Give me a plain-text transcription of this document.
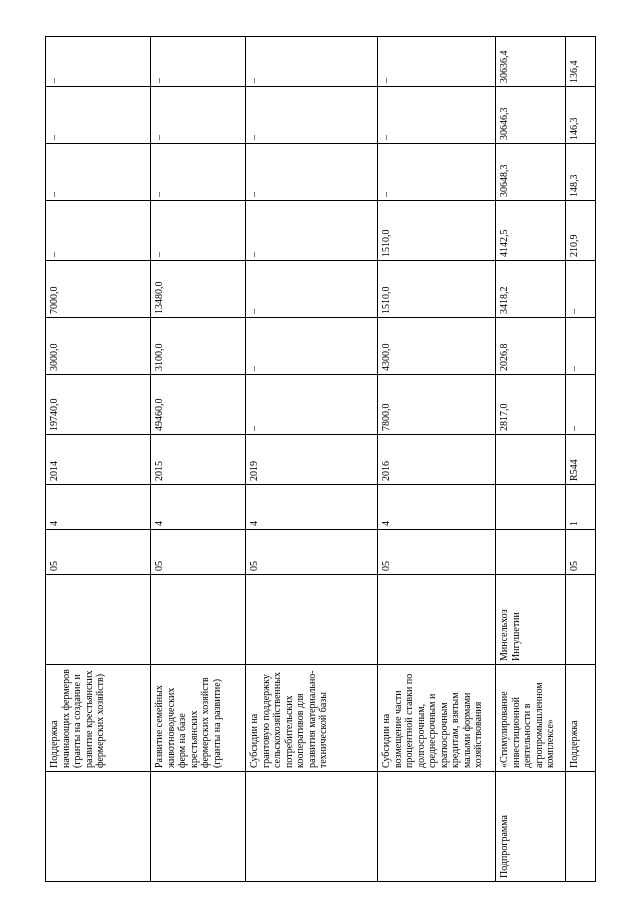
	Поддержка начинающих фермеров (гранты на создание и развитие крестьянских фермерских хозяйств)		05	4	2014	19740,0	3000,0	7000,0	–	–	–	–
	Развитие семейных животноводческих ферм на базе крестьянских фермерских хозяйств (гранты на развитие)		05	4	2015	49460,0	3100,0	13480,0	–	–	–	–
	Субсидии на грантовую поддержку сельскохозяйственных потребительских кооперативов для развития материально-технической базы		05	4	2019	–	–	–	–	–	–	–
	Субсидии на возмещение части процентной ставки по долгосрочным, среднесрочным и краткосрочным кредитам, взятым малыми формами хозяйствования		05	4	2016	7800,0	4300,0	1510,0	1510,0	–	–	–
Подпрограмма	«Стимулирование инвестиционной деятельности в агропромышленном комплексе»	Минсельхоз Ингушетии				2817,0	2026,8	3418,2	4142,5	30648,3	30646,3	30636,4
	Поддержка		05	1	R544	–	–	–	210,9	148,3	146,3	136,4
